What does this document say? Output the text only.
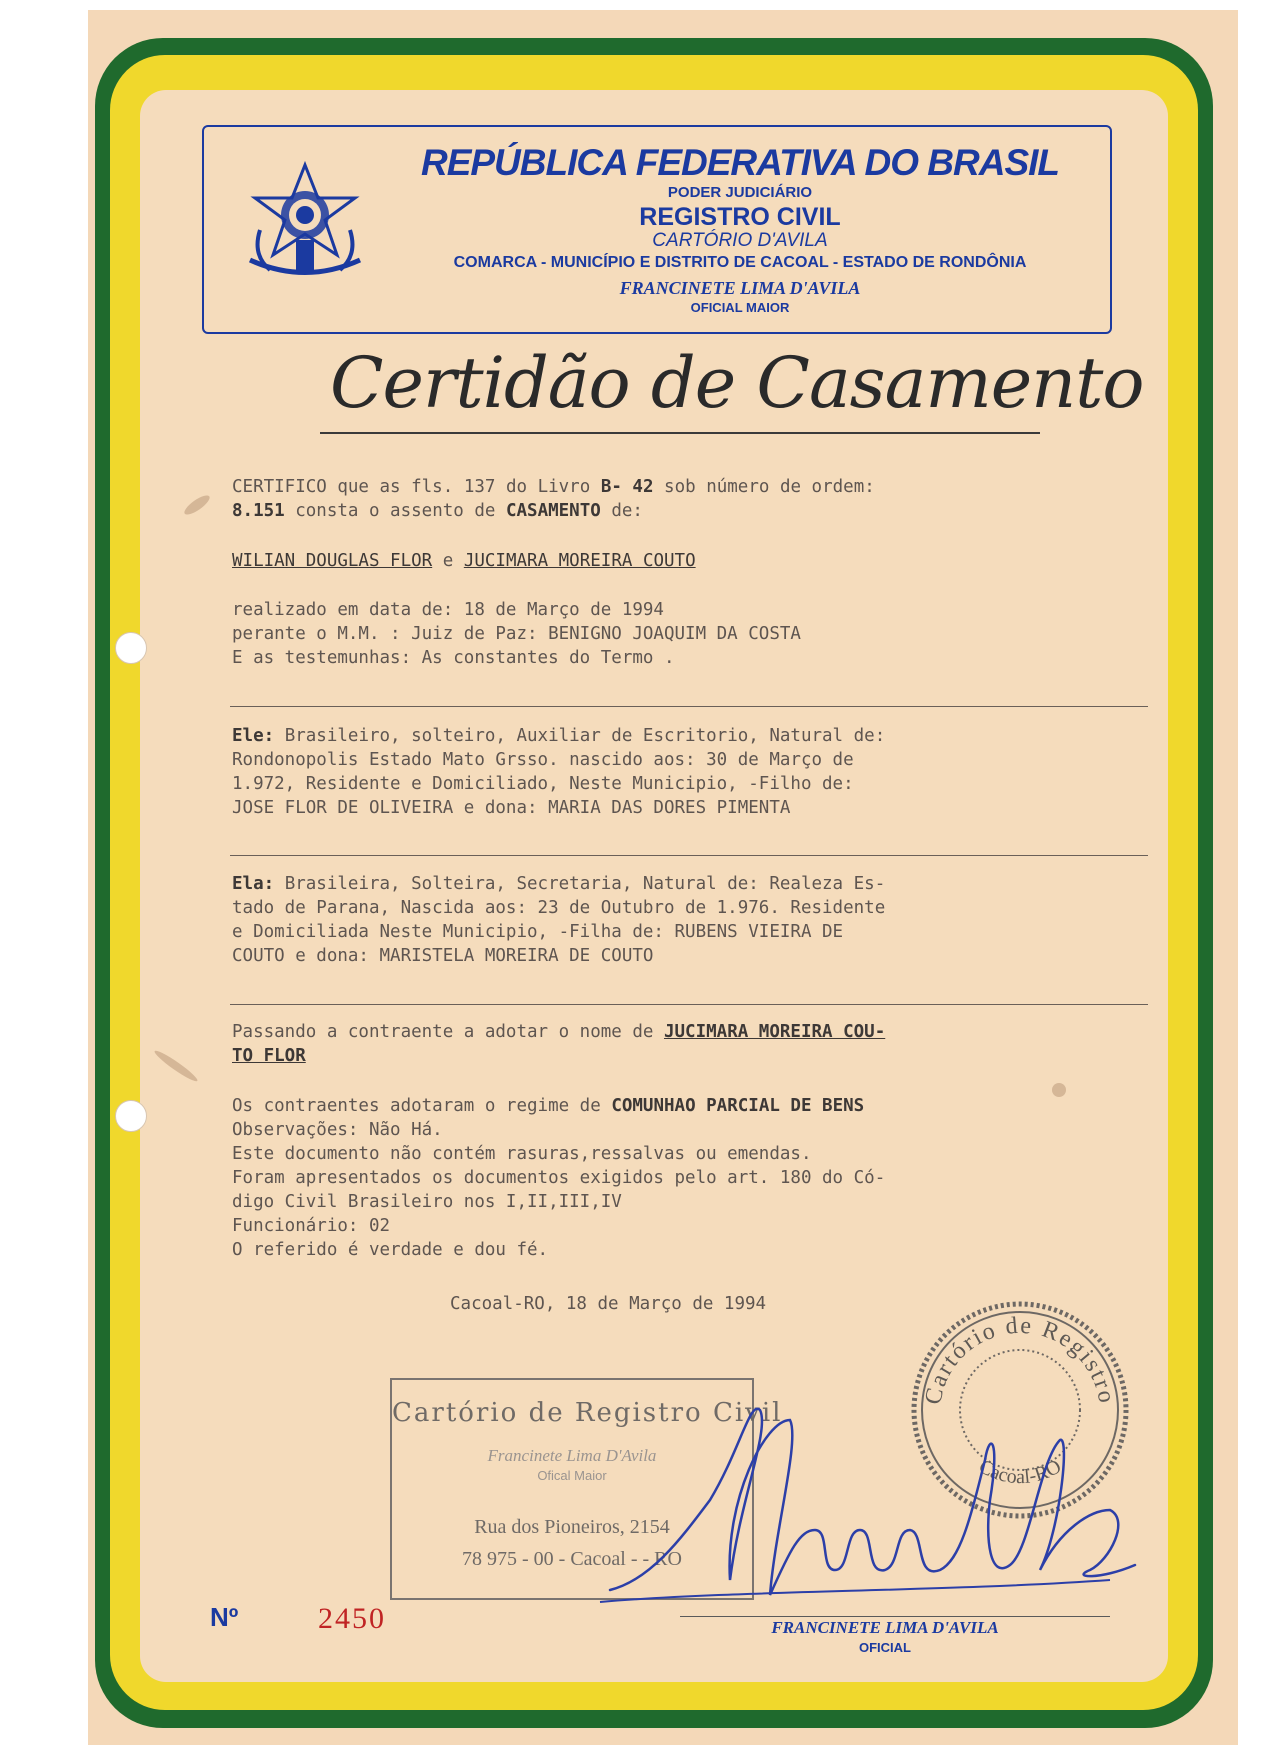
REPÚBLICA FEDERATIVA DO BRASIL
PODER JUDICIÁRIO
REGISTRO CIVIL
CARTÓRIO D'AVILA
COMARCA - MUNICÍPIO E DISTRITO DE CACOAL - ESTADO DE RONDÔNIA
FRANCINETE LIMA D'AVILA
OFICIAL MAIOR
Certidão de Casamento
CERTIFICO que as fls. 137 do Livro B- 42 sob número de ordem:
8.151 consta o assento de CASAMENTO de:
WILIAN DOUGLAS FLOR e JUCIMARA MOREIRA COUTO
realizado em data de: 18 de Março de 1994
perante o M.M. : Juiz de Paz: BENIGNO JOAQUIM DA COSTA
E as testemunhas: As constantes do Termo .
Ele: Brasileiro, solteiro, Auxiliar de Escritorio, Natural de:
Rondonopolis Estado Mato Grsso. nascido aos: 30 de Março de
1.972, Residente e Domiciliado, Neste Municipio, -Filho de:
JOSE FLOR DE OLIVEIRA e dona: MARIA DAS DORES PIMENTA
Ela: Brasileira, Solteira, Secretaria, Natural de: Realeza Es-
tado de Parana, Nascida aos: 23 de Outubro de 1.976. Residente
e Domiciliada Neste Municipio, -Filha de: RUBENS VIEIRA DE
COUTO e dona: MARISTELA MOREIRA DE COUTO
Passando a contraente a adotar o nome de JUCIMARA MOREIRA COU-
TO FLOR
Os contraentes adotaram o regime de COMUNHAO PARCIAL DE BENS
Observações: Não Há.
Este documento não contém rasuras,ressalvas ou emendas.
Foram apresentados os documentos exigidos pelo art. 180 do Có-
digo Civil Brasileiro nos I,II,III,IV
Funcionário: 02
O referido é verdade e dou fé.
Cacoal-RO, 18 de Março de 1994
Cartório de Registro Civil
Francinete Lima D'Avila
Ofical Maior
Rua dos Pioneiros, 2154
78 975 - 00 - Cacoal - - RO
Cartório de Registro
Cacoal-RO
Nº	2450	FRANCINETE LIMA D'AVILA
OFICIAL
